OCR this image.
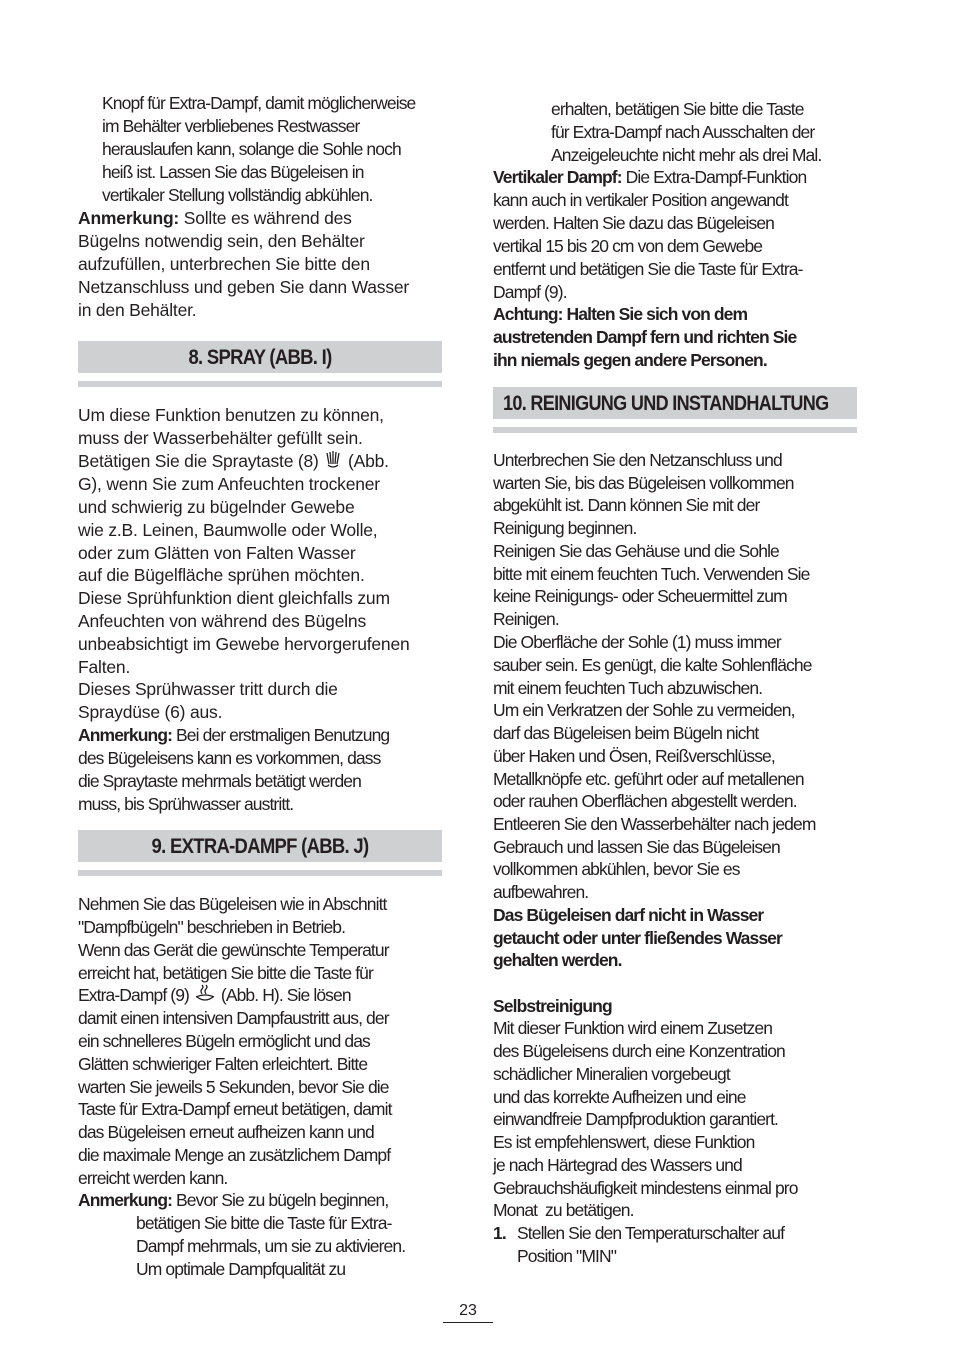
Knopf für Extra-Dampf, damit möglicherweise
im Behälter verbliebenes Restwasser
herauslaufen kann, solange die Sohle noch
heiß ist. Lassen Sie das Bügeleisen in
vertikaler Stellung vollständig abkühlen.
Anmerkung: Sollte es während des
Bügelns notwendig sein, den Behälter
aufzufüllen, unterbrechen Sie bitte den
Netzanschluss und geben Sie dann Wasser
in den Behälter.
8. SPRAY (ABB. I)
Um diese Funktion benutzen zu können,
muss der Wasserbehälter gefüllt sein.
Betätigen Sie die Spraytaste (8)  (Abb.
G), wenn Sie zum Anfeuchten trockener
und schwierig zu bügelnder Gewebe
wie z.B. Leinen, Baumwolle oder Wolle,
oder zum Glätten von Falten Wasser
auf die Bügelfläche sprühen möchten.
Diese Sprühfunktion dient gleichfalls zum
Anfeuchten von während des Bügelns
unbeabsichtigt im Gewebe hervorgerufenen
Falten.
Dieses Sprühwasser tritt durch die
Spraydüse (6) aus.
Anmerkung: Bei der erstmaligen Benutzung
des Bügeleisens kann es vorkommen, dass
die Spraytaste mehrmals betätigt werden
muss, bis Sprühwasser austritt.
9. EXTRA-DAMPF (ABB. J)
Nehmen Sie das Bügeleisen wie in Abschnitt
"Dampfbügeln" beschrieben in Betrieb.
Wenn das Gerät die gewünschte Temperatur
erreicht hat, betätigen Sie bitte die Taste für
Extra-Dampf (9)  (Abb. H). Sie lösen
damit einen intensiven Dampfaustritt aus, der
ein schnelleres Bügeln ermöglicht und das
Glätten schwieriger Falten erleichtert. Bitte
warten Sie jeweils 5 Sekunden, bevor Sie die
Taste für Extra-Dampf erneut betätigen, damit
das Bügeleisen erneut aufheizen kann und
die maximale Menge an zusätzlichem Dampf
erreicht werden kann.
Anmerkung: Bevor Sie zu bügeln beginnen,
betätigen Sie bitte die Taste für Extra-
Dampf mehrmals, um sie zu aktivieren.
Um optimale Dampfqualität zu
erhalten, betätigen Sie bitte die Taste
für Extra-Dampf nach Ausschalten der
Anzeigeleuchte nicht mehr als drei Mal.
Vertikaler Dampf: Die Extra-Dampf-Funktion
kann auch in vertikaler Position angewandt
werden. Halten Sie dazu das Bügeleisen
vertikal 15 bis 20 cm von dem Gewebe
entfernt und betätigen Sie die Taste für Extra-
Dampf (9).
Achtung: Halten Sie sich von dem
austretenden Dampf fern und richten Sie
ihn niemals gegen andere Personen.
10. REINIGUNG UND INSTANDHALTUNG
Unterbrechen Sie den Netzanschluss und
warten Sie, bis das Bügeleisen vollkommen
abgekühlt ist. Dann können Sie mit der
Reinigung beginnen.
Reinigen Sie das Gehäuse und die Sohle
bitte mit einem feuchten Tuch. Verwenden Sie
keine Reinigungs- oder Scheuermittel zum
Reinigen.
Die Oberfläche der Sohle (1) muss immer
sauber sein. Es genügt, die kalte Sohlenfläche
mit einem feuchten Tuch abzuwischen.
Um ein Verkratzen der Sohle zu vermeiden,
darf das Bügeleisen beim Bügeln nicht
über Haken und Ösen, Reißverschlüsse,
Metallknöpfe etc. geführt oder auf metallenen
oder rauhen Oberflächen abgestellt werden.
Entleeren Sie den Wasserbehälter nach jedem
Gebrauch und lassen Sie das Bügeleisen
vollkommen abkühlen, bevor Sie es
aufbewahren.
Das Bügeleisen darf nicht in Wasser
getaucht oder unter fließendes Wasser
gehalten werden.
Selbstreinigung
Mit dieser Funktion wird einem Zusetzen
des Bügeleisens durch eine Konzentration
schädlicher Mineralien vorgebeugt
und das korrekte Aufheizen und eine
einwandfreie Dampfproduktion garantiert.
Es ist empfehlenswert, diese Funktion
je nach Härtegrad des Wassers und
Gebrauchshäufigkeit mindestens einmal pro
Monat  zu betätigen.
1. Stellen Sie den Temperaturschalter auf
Position "MIN"
23
